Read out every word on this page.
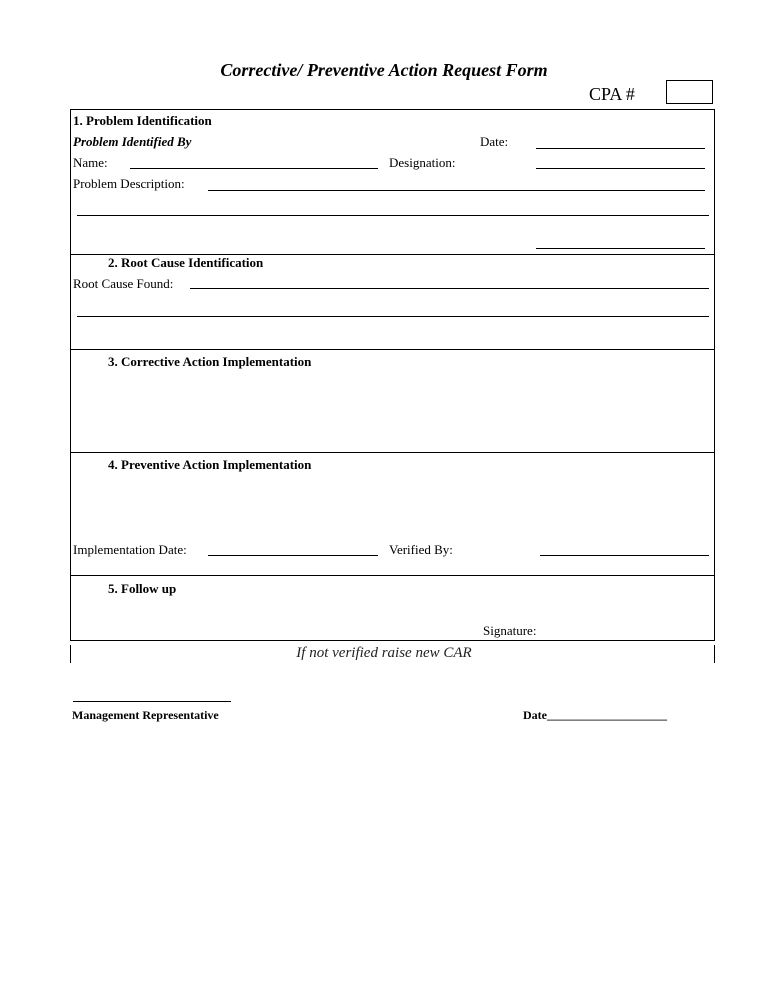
Corrective/ Preventive Action Request Form
CPA #
1. Problem Identification
Problem Identified By	Date:
Name:	Designation:
Problem Description:
2. Root Cause Identification
Root Cause Found:
3. Corrective Action Implementation
4. Preventive Action Implementation
Implementation Date:	Verified By:
5. Follow up
Signature:
If not verified raise new CAR
Management Representative	Date____________________
